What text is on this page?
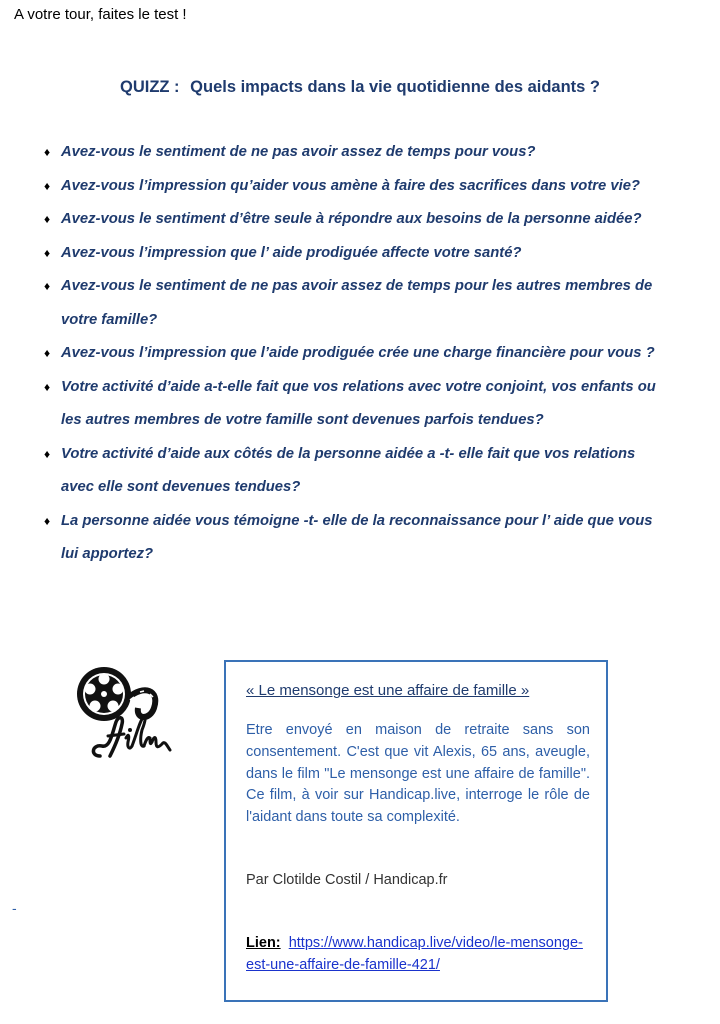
A votre tour, faites le test !
QUIZZ : Quels impacts dans la vie quotidienne des aidants ?
♦ Avez-vous le sentiment de ne pas avoir assez de temps pour vous?
♦ Avez-vous l’impression qu’aider vous amène à faire des sacrifices dans votre vie?
♦ Avez-vous le sentiment d’être seule à répondre aux besoins de la personne aidée?
♦ Avez-vous l’impression que l’ aide prodiguée affecte votre santé?
♦ Avez-vous le sentiment de ne pas avoir assez de temps pour les autres membres de
votre famille?
♦ Avez-vous l’impression que l’aide prodiguée crée une charge financière pour vous ?
♦ Votre activité d’aide a-t-elle fait que vos relations avec votre conjoint, vos enfants ou
les autres membres de votre famille sont devenues parfois tendues?
♦ Votre activité d’aide aux côtés de la personne aidée a -t- elle fait que vos relations
avec elle sont devenues tendues?
♦ La personne aidée vous témoigne -t- elle de la reconnaissance pour l’ aide que vous
lui apportez?
« Le mensonge est une affaire de famille »
Etre envoyé en maison de retraite sans son consentement. C'est que vit Alexis, 65 ans, aveugle, dans le film "Le mensonge est une affaire de famille". Ce film, à voir sur Handicap.live, interroge le rôle de l'aidant dans toute sa complexité.
Par Clotilde Costil / Handicap.fr
Lien: https://www.handicap.live/video/le-mensonge-est-une-affaire-de-famille-421/
-
